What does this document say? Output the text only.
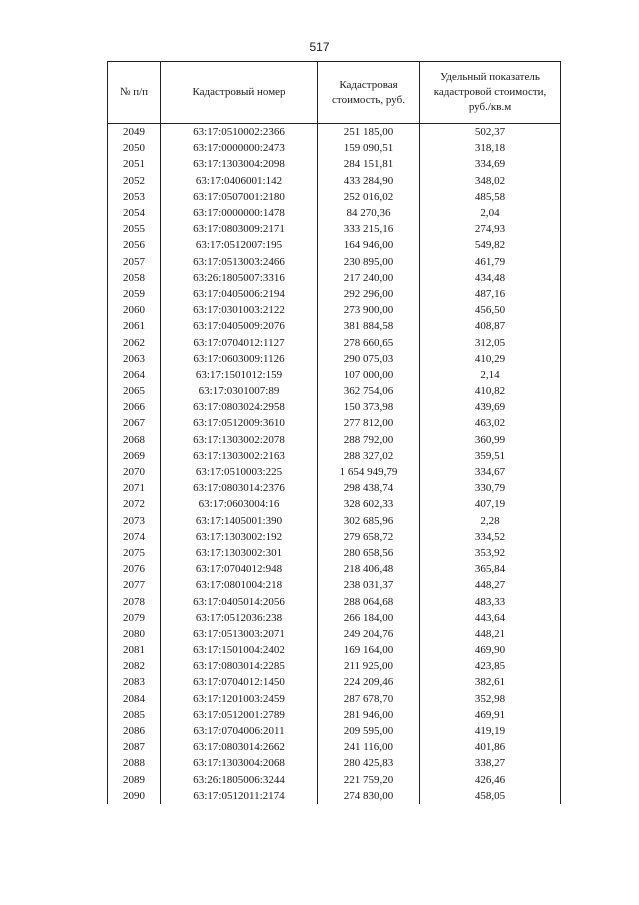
517
№ п/п	Кадастровый номер	Кадастровая стоимость, руб.	Удельный показатель кадастровой стоимости, руб./кв.м
2049	63:17:0510002:2366	251 185,00	502,37
2050	63:17:0000000:2473	159 090,51	318,18
2051	63:17:1303004:2098	284 151,81	334,69
2052	63:17:0406001:142	433 284,90	348,02
2053	63:17:0507001:2180	252 016,02	485,58
2054	63:17:0000000:1478	84 270,36	2,04
2055	63:17:0803009:2171	333 215,16	274,93
2056	63:17:0512007:195	164 946,00	549,82
2057	63:17:0513003:2466	230 895,00	461,79
2058	63:26:1805007:3316	217 240,00	434,48
2059	63:17:0405006:2194	292 296,00	487,16
2060	63:17:0301003:2122	273 900,00	456,50
2061	63:17:0405009:2076	381 884,58	408,87
2062	63:17:0704012:1127	278 660,65	312,05
2063	63:17:0603009:1126	290 075,03	410,29
2064	63:17:1501012:159	107 000,00	2,14
2065	63:17:0301007:89	362 754,06	410,82
2066	63:17:0803024:2958	150 373,98	439,69
2067	63:17:0512009:3610	277 812,00	463,02
2068	63:17:1303002:2078	288 792,00	360,99
2069	63:17:1303002:2163	288 327,02	359,51
2070	63:17:0510003:225	1 654 949,79	334,67
2071	63:17:0803014:2376	298 438,74	330,79
2072	63:17:0603004:16	328 602,33	407,19
2073	63:17:1405001:390	302 685,96	2,28
2074	63:17:1303002:192	279 658,72	334,52
2075	63:17:1303002:301	280 658,56	353,92
2076	63:17:0704012:948	218 406,48	365,84
2077	63:17:0801004:218	238 031,37	448,27
2078	63:17:0405014:2056	288 064,68	483,33
2079	63:17:0512036:238	266 184,00	443,64
2080	63:17:0513003:2071	249 204,76	448,21
2081	63:17:1501004:2402	169 164,00	469,90
2082	63:17:0803014:2285	211 925,00	423,85
2083	63:17:0704012:1450	224 209,46	382,61
2084	63:17:1201003:2459	287 678,70	352,98
2085	63:17:0512001:2789	281 946,00	469,91
2086	63:17:0704006:2011	209 595,00	419,19
2087	63:17:0803014:2662	241 116,00	401,86
2088	63:17:1303004:2068	280 425,83	338,27
2089	63:26:1805006:3244	221 759,20	426,46
2090	63:17:0512011:2174	274 830,00	458,05
